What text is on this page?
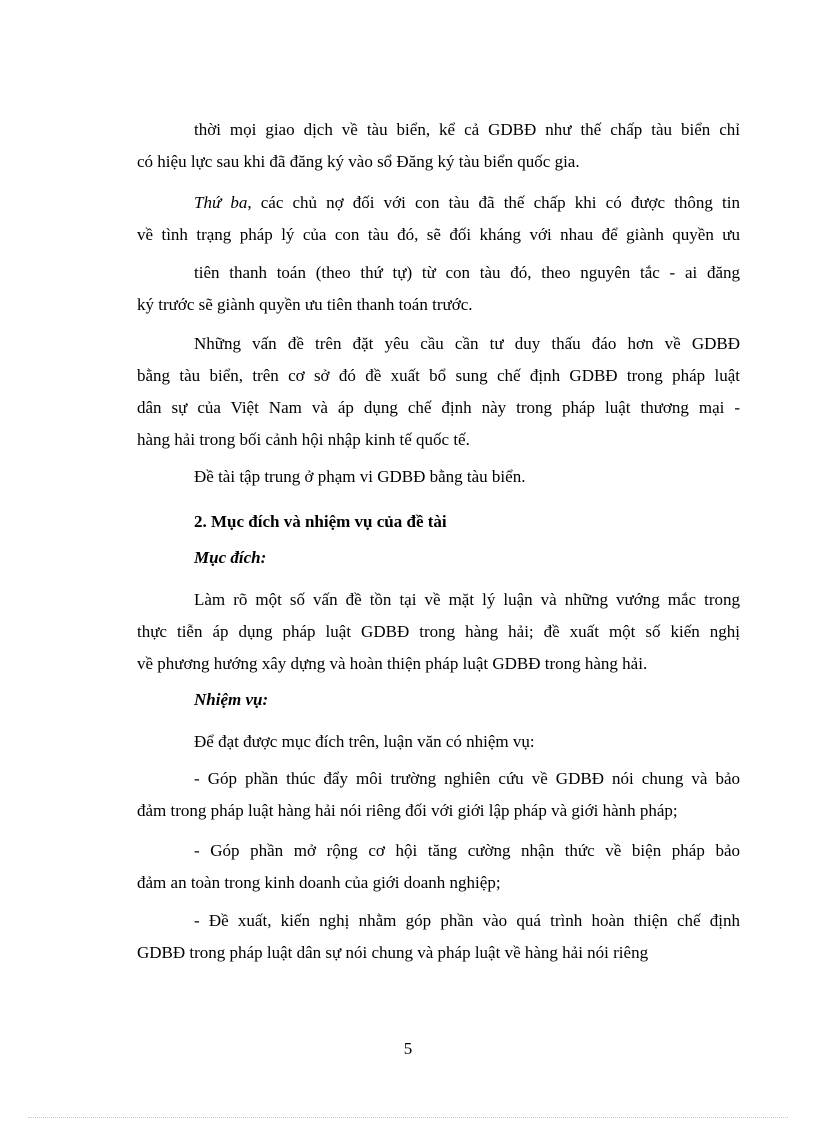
thời mọi giao dịch về tàu biển, kể cả GDBĐ như thế chấp tàu biển chỉ
có hiệu lực sau khi đã đăng ký vào sổ Đăng ký tàu biển quốc gia.
Thứ ba, các chủ nợ đối với con tàu đã thế chấp khi có được thông tin
về tình trạng pháp lý của con tàu đó, sẽ đối kháng với nhau để giành quyền ưu
tiên thanh toán (theo thứ tự) từ con tàu đó, theo nguyên tắc - ai đăng
ký trước sẽ giành quyền ưu tiên thanh toán trước.
Những vấn đề trên đặt yêu cầu cần tư duy thấu đáo hơn về GDBĐ
bằng tàu biển, trên cơ sở đó đề xuất bổ sung chế định GDBĐ trong pháp luật
dân sự của Việt Nam và áp dụng chế định này trong pháp luật thương mại -
hàng hải trong bối cảnh hội nhập kinh tế quốc tế.
Đề tài tập trung ở phạm vi GDBĐ bằng tàu biển.
2. Mục đích và nhiệm vụ của đề tài
Mục đích:
Làm rõ một số vấn đề tồn tại về mặt lý luận và những vướng mắc trong
thực tiễn áp dụng pháp luật GDBĐ trong hàng hải; đề xuất một số kiến nghị
về phương hướng xây dựng và hoàn thiện pháp luật GDBĐ trong hàng hải.
Nhiệm vụ:
Để đạt được mục đích trên, luận văn có nhiệm vụ:
- Góp phần thúc đẩy môi trường nghiên cứu về GDBĐ nói chung và bảo
đảm trong pháp luật hàng hải nói riêng đối với giới lập pháp và giới hành pháp;
- Góp phần mở rộng cơ hội tăng cường nhận thức về biện pháp bảo
đảm an toàn trong kinh doanh của giới doanh nghiệp;
- Đề xuất, kiến nghị nhằm góp phần vào quá trình hoàn thiện chế định
GDBĐ trong pháp luật dân sự nói chung và pháp luật về hàng hải nói riêng
5
